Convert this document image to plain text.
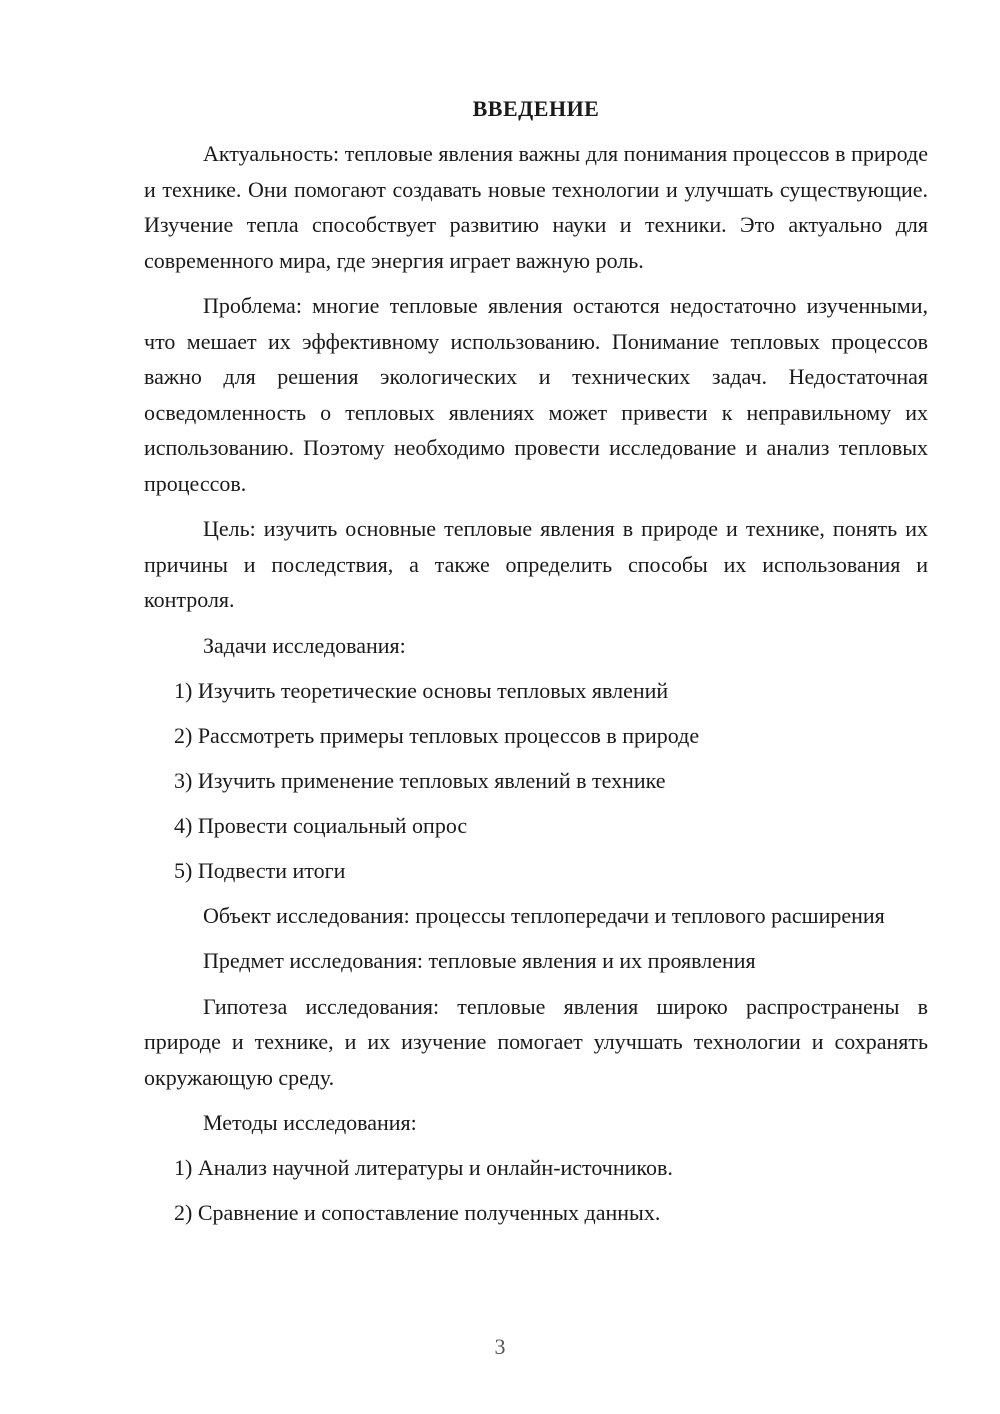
ВВЕДЕНИЕ

Актуальность: тепловые явления важны для понимания процессов в природе и технике. Они помогают создавать новые технологии и улучшать существующие. Изучение тепла способствует развитию науки и техники. Это актуально для современного мира, где энергия играет важную роль.

Проблема: многие тепловые явления остаются недостаточно изученными, что мешает их эффективному использованию. Понимание тепловых процессов важно для решения экологических и технических задач. Недостаточная осведомленность о тепловых явлениях может привести к неправильному их использованию. Поэтому необходимо провести исследование и анализ тепловых процессов.

Цель: изучить основные тепловые явления в природе и технике, понять их причины и последствия, а также определить способы их использования и контроля.

Задачи исследования:
1) Изучить теоретические основы тепловых явлений
2) Рассмотреть примеры тепловых процессов в природе
3) Изучить применение тепловых явлений в технике
4) Провести социальный опрос
5) Подвести итоги

Объект исследования: процессы теплопередачи и теплового расширения

Предмет исследования: тепловые явления и их проявления

Гипотеза исследования: тепловые явления широко распространены в природе и технике, и их изучение помогает улучшать технологии и сохранять окружающую среду.

Методы исследования:
1) Анализ научной литературы и онлайн-источников.
2) Сравнение и сопоставление полученных данных.
3
